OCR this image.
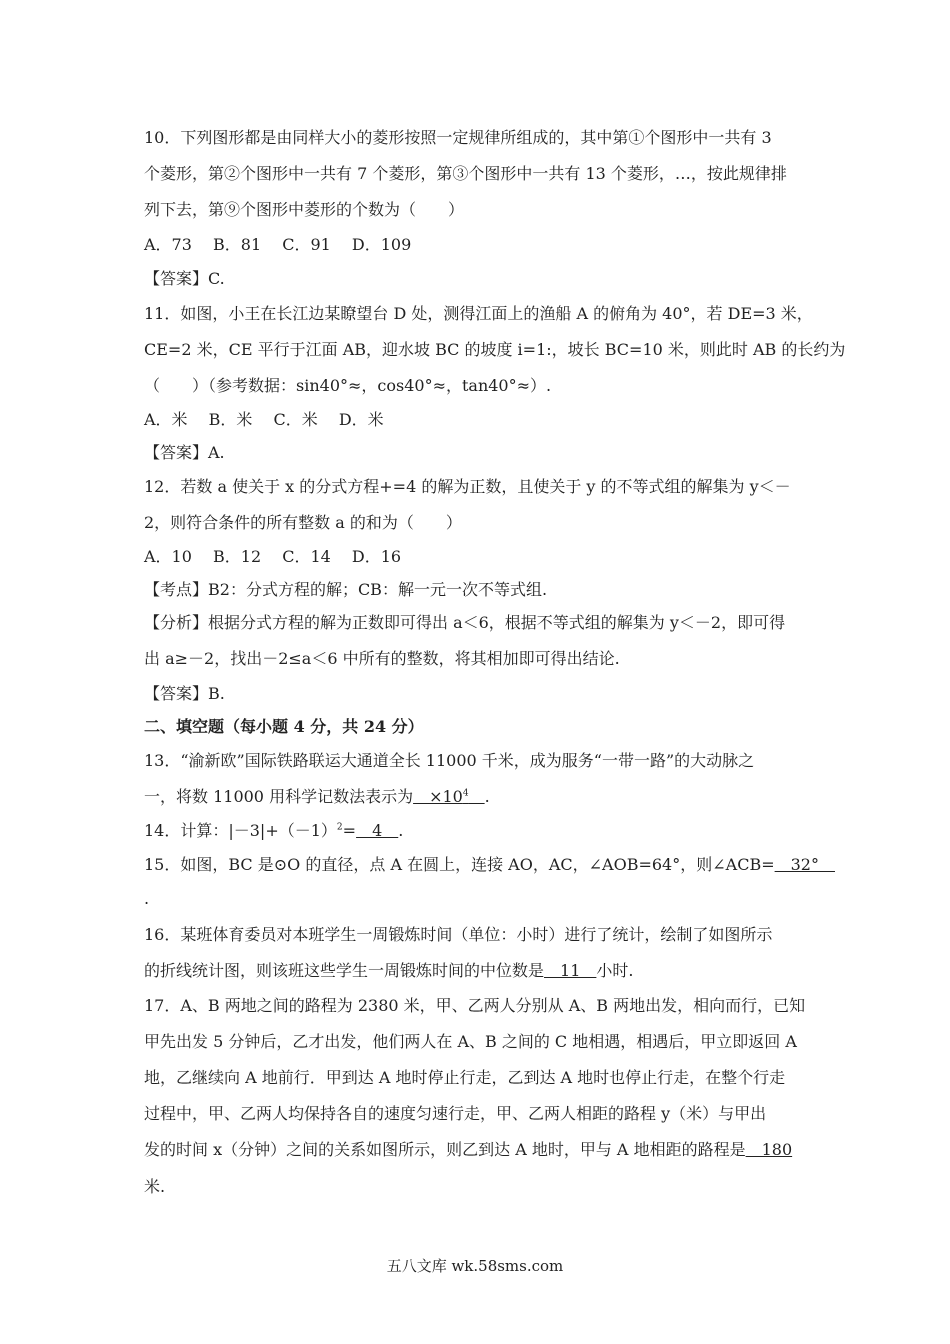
10．下列图形都是由同样大小的菱形按照一定规律所组成的，其中第①个图形中一共有 3
个菱形，第②个图形中一共有 7 个菱形，第③个图形中一共有 13 个菱形，…，按此规律排
列下去，第⑨个图形中菱形的个数为（　　）
A．73　 B．81　 C．91　 D．109
【答案】C.
11．如图，小王在长江边某瞭望台 D 处，测得江面上的渔船 A 的俯角为 40°，若 DE=3 米，
CE=2 米，CE 平行于江面 AB，迎水坡 BC 的坡度 i=1:，坡长 BC=10 米，则此时 AB 的长约为
（　　）（参考数据：sin40°≈，cos40°≈，tan40°≈）.
A．米　 B．米　 C．米　 D．米
【答案】A.
12．若数 a 使关于 x 的分式方程+=4 的解为正数，且使关于 y 的不等式组的解集为 y＜－
2，则符合条件的所有整数 a 的和为（　　）
A．10　 B．12　 C．14　 D．16
【考点】B2：分式方程的解；CB：解一元一次不等式组.
【分析】根据分式方程的解为正数即可得出 a＜6，根据不等式组的解集为 y＜－2，即可得
出 a≥－2，找出－2≤a＜6 中所有的整数，将其相加即可得出结论.
【答案】B.
二、填空题（每小题 4 分，共 24 分）
13．“渝新欧”国际铁路联运大通道全长 11000 千米，成为服务“一带一路”的大动脉之
一，将数 11000 用科学记数法表示为　$\times 10^4$　 .
14．计算：$|-3|+(-1)^2=$　4　.
15．如图，BC 是⊙O 的直径，点 A 在圆上，连接 AO，AC，∠AOB=64°，则∠ACB=　32°　
.
16．某班体育委员对本班学生一周锻炼时间（单位：小时）进行了统计，绘制了如图所示
的折线统计图，则该班这些学生一周锻炼时间的中位数是　11　小时.
17．A、B 两地之间的路程为 2380 米，甲、乙两人分别从 A、B 两地出发，相向而行，已知
甲先出发 5 分钟后，乙才出发，他们两人在 A、B 之间的 C 地相遇，相遇后，甲立即返回 A
地，乙继续向 A 地前行．甲到达 A 地时停止行走，乙到达 A 地时也停止行走，在整个行走
过程中，甲、乙两人均保持各自的速度匀速行走，甲、乙两人相距的路程 y（米）与甲出
发的时间 x（分钟）之间的关系如图所示，则乙到达 A 地时，甲与 A 地相距的路程是　180
米.
五八文库 wk.58sms.com
